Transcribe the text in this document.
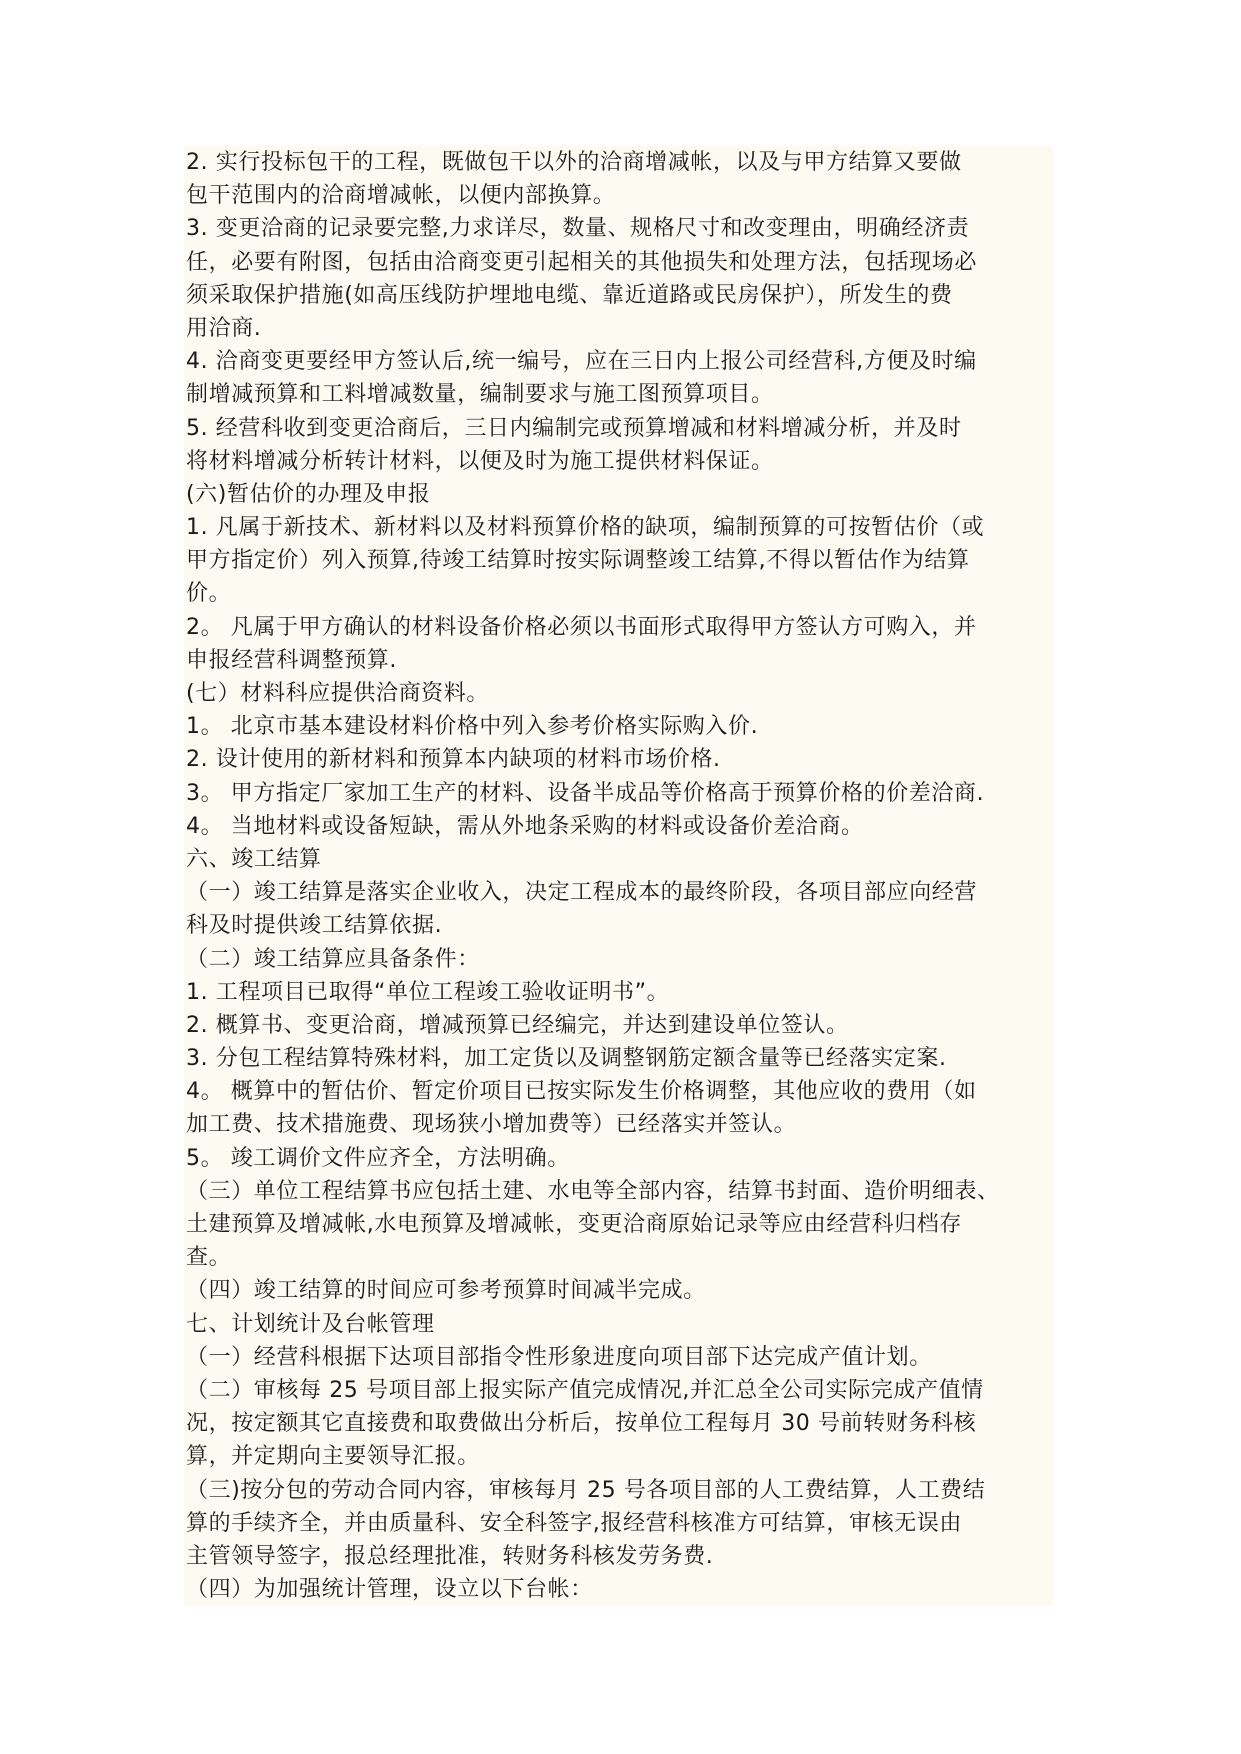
2. 实行投标包干的工程，既做包干以外的洽商增减帐，以及与甲方结算又要做
包干范围内的洽商增减帐，以便内部换算。
3. 变更洽商的记录要完整,力求详尽，数量、规格尺寸和改变理由，明确经济责
任，必要有附图，包括由洽商变更引起相关的其他损失和处理方法，包括现场必
须采取保护措施(如高压线防护埋地电缆、靠近道路或民房保护），所发生的费
用洽商.
4. 洽商变更要经甲方签认后,统一编号，应在三日内上报公司经营科,方便及时编
制增减预算和工料增减数量，编制要求与施工图预算项目。
5. 经营科收到变更洽商后，三日内编制完或预算增减和材料增减分析，并及时
将材料增减分析转计材料，以便及时为施工提供材料保证。
(六)暂估价的办理及申报
1. 凡属于新技术、新材料以及材料预算价格的缺项，编制预算的可按暂估价（或
甲方指定价）列入预算,待竣工结算时按实际调整竣工结算,不得以暂估作为结算
价。
2。 凡属于甲方确认的材料设备价格必须以书面形式取得甲方签认方可购入，并
申报经营科调整预算.
(七）材料科应提供洽商资料。
1。 北京市基本建设材料价格中列入参考价格实际购入价.
2. 设计使用的新材料和预算本内缺项的材料市场价格.
3。 甲方指定厂家加工生产的材料、设备半成品等价格高于预算价格的价差洽商.
4。 当地材料或设备短缺，需从外地条采购的材料或设备价差洽商。
六、竣工结算
（一）竣工结算是落实企业收入，决定工程成本的最终阶段，各项目部应向经营
科及时提供竣工结算依据.
（二）竣工结算应具备条件：
1. 工程项目已取得“单位工程竣工验收证明书”。
2. 概算书、变更洽商，增减预算已经编完，并达到建设单位签认。
3. 分包工程结算特殊材料，加工定货以及调整钢筋定额含量等已经落实定案.
4。 概算中的暂估价、暂定价项目已按实际发生价格调整，其他应收的费用（如
加工费、技术措施费、现场狭小增加费等）已经落实并签认。
5。 竣工调价文件应齐全，方法明确。
（三）单位工程结算书应包括土建、水电等全部内容，结算书封面、造价明细表、
土建预算及增减帐,水电预算及增减帐，变更洽商原始记录等应由经营科归档存
查。
（四）竣工结算的时间应可参考预算时间减半完成。
七、计划统计及台帐管理
（一）经营科根据下达项目部指令性形象进度向项目部下达完成产值计划。
（二）审核每 25 号项目部上报实际产值完成情况,并汇总全公司实际完成产值情
况，按定额其它直接费和取费做出分析后，按单位工程每月 30 号前转财务科核
算，并定期向主要领导汇报。
（三)按分包的劳动合同内容，审核每月 25 号各项目部的人工费结算，人工费结
算的手续齐全，并由质量科、安全科签字,报经营科核准方可结算，审核无误由
主管领导签字，报总经理批准，转财务科核发劳务费.
（四）为加强统计管理，设立以下台帐：
